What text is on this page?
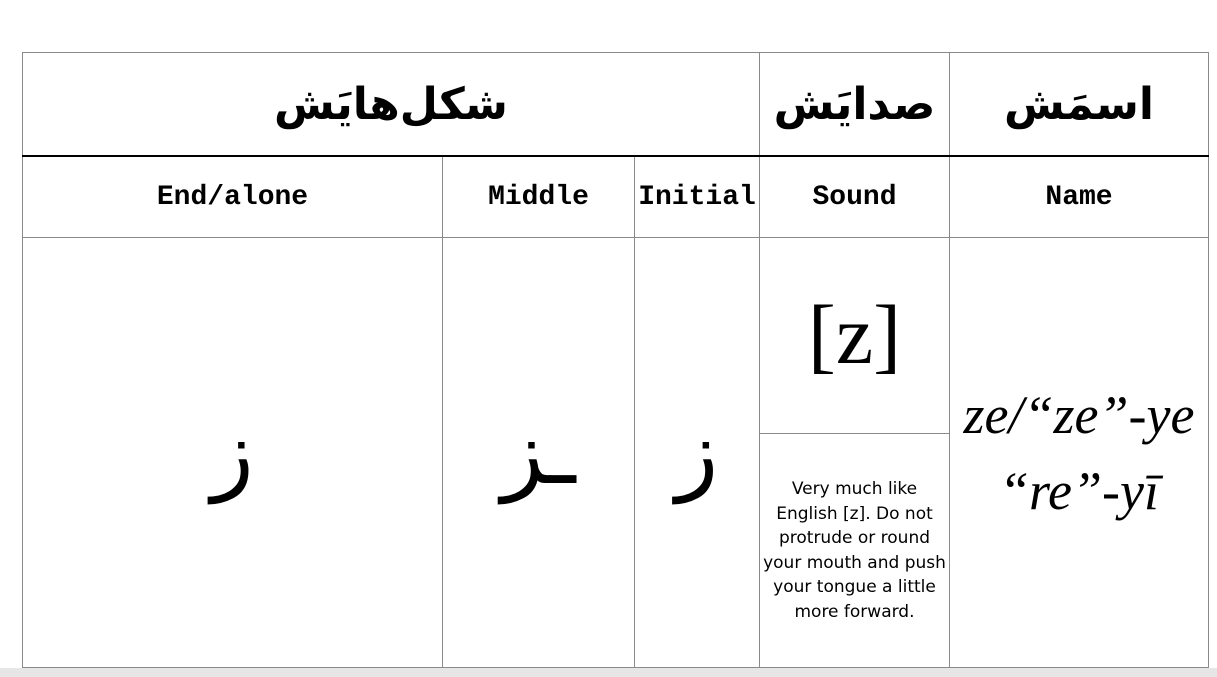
شکل‌هایَش			صدایَش	اسمَش
End/alone	Middle	Initial	Sound	Name
ز	ـز	ز	[z]	ze/“ze”-ye “re”-yī
			Very much like English [z]. Do not protrude or round your mouth and push your tongue a little more forward.	
